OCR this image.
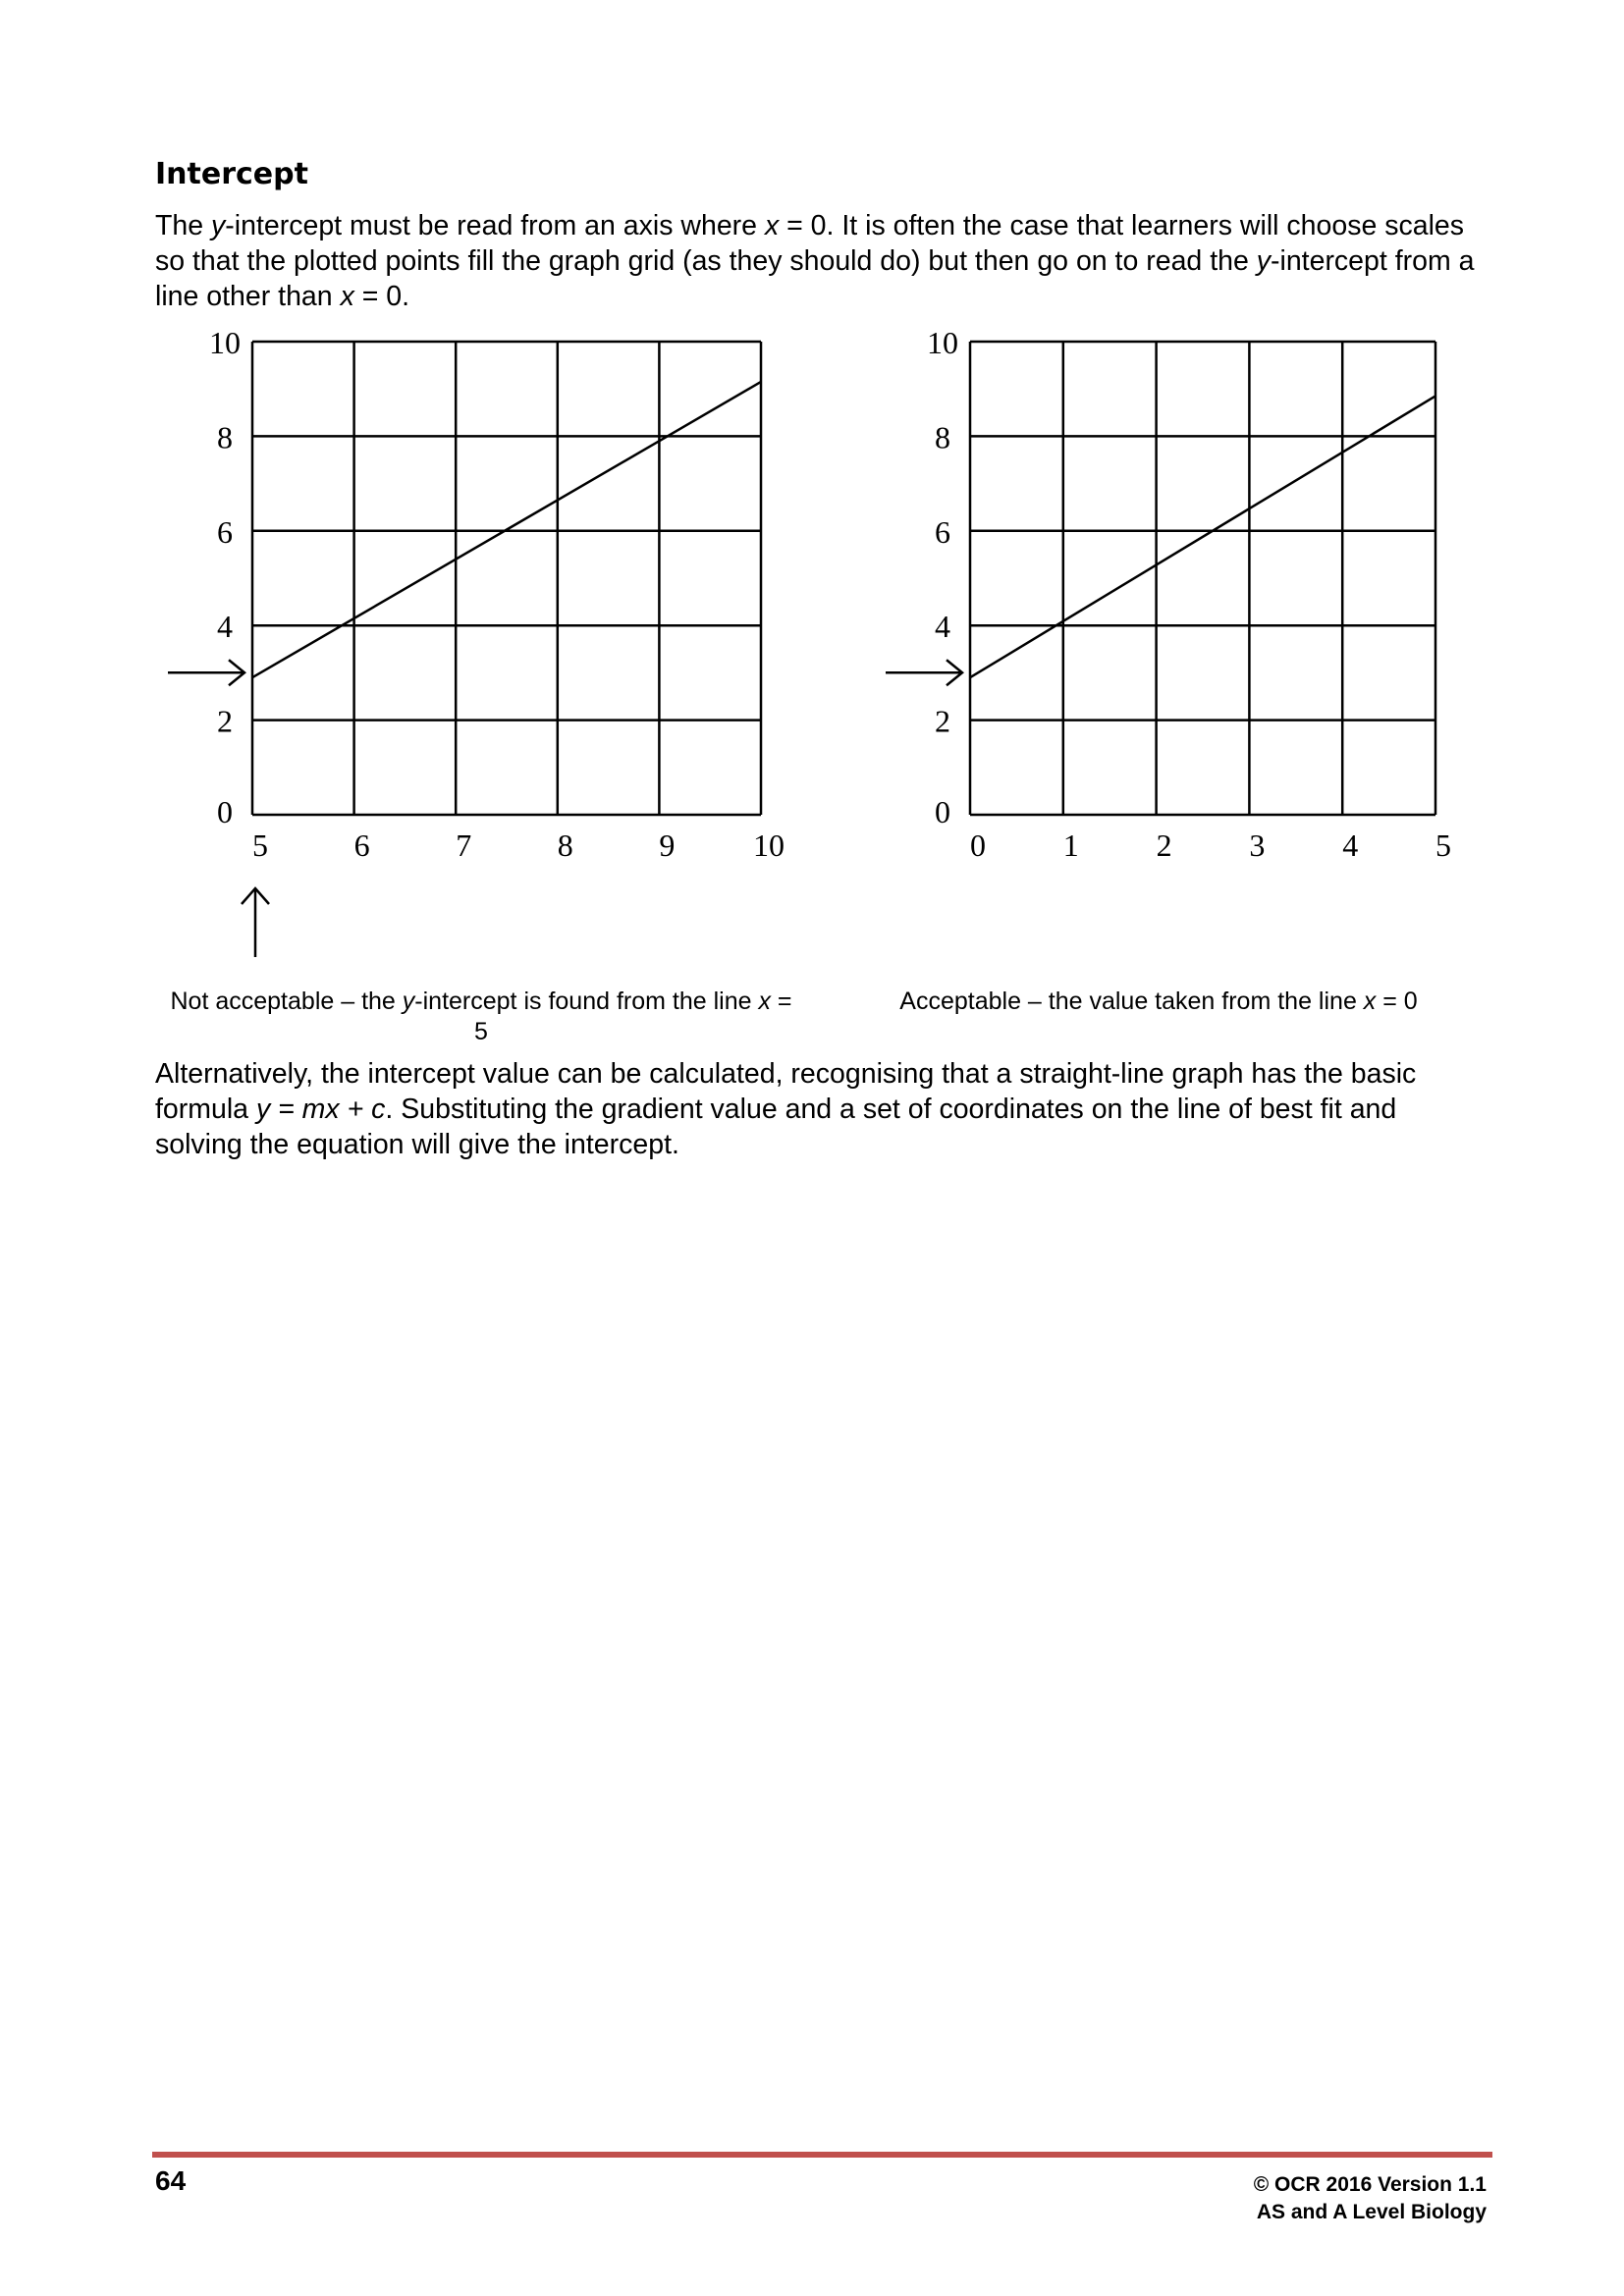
Intercept

The y-intercept must be read from an axis where x = 0. It is often the case that learners will choose scales so that the plotted points fill the graph grid (as they should do) but then go on to read the y-intercept from a line other than x = 0.

5	6	7	8	9 10
0
2
4
6
8
10
0 1 2 3 4 5
0
2
4
6
8
10

Not acceptable – the y-intercept is found from the line x = 5

Acceptable – the value taken from the line x = 0

Alternatively, the intercept value can be calculated, recognising that a straight-line graph has the basic formula y = mx + c. Substituting the gradient value and a set of coordinates on the line of best fit and solving the equation will give the intercept.

64	© OCR 2016 Version 1.1
AS and A Level Biology
